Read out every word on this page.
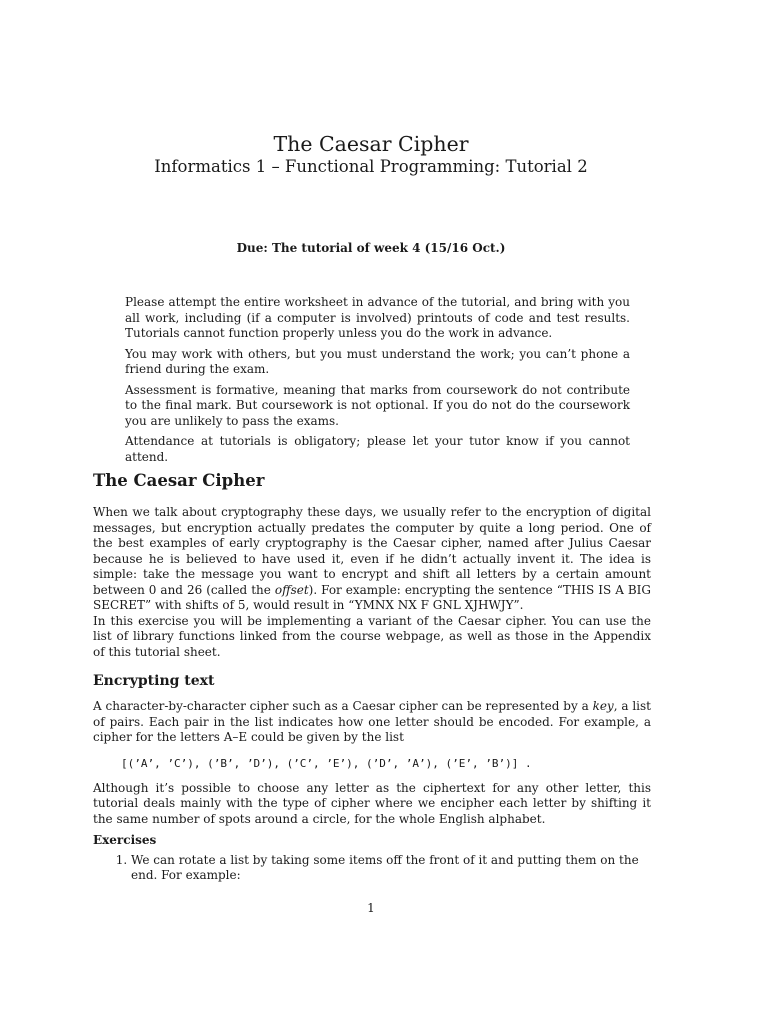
The Caesar Cipher
Informatics 1 – Functional Programming: Tutorial 2
Due: The tutorial of week 4 (15/16 Oct.)

Please attempt the entire worksheet in advance of the tutorial, and bring with you all work, including (if a computer is involved) printouts of code and test results. Tutorials cannot function properly unless you do the work in advance.

You may work with others, but you must understand the work; you can’t phone a friend during the exam.

Assessment is formative, meaning that marks from coursework do not contribute to the final mark. But coursework is not optional. If you do not do the coursework you are unlikely to pass the exams.

Attendance at tutorials is obligatory; please let your tutor know if you cannot attend.

The Caesar Cipher

When we talk about cryptography these days, we usually refer to the encryption of digital messages, but encryption actually predates the computer by quite a long period. One of the best examples of early cryptography is the Caesar cipher, named after Julius Caesar because he is believed to have used it, even if he didn’t actually invent it. The idea is simple: take the message you want to encrypt and shift all letters by a certain amount between 0 and 26 (called the offset). For example: encrypting the sentence “THIS IS A BIG SECRET” with shifts of 5, would result in “YMNX NX F GNL XJHWJY”.

In this exercise you will be implementing a variant of the Caesar cipher. You can use the list of library functions linked from the course webpage, as well as those in the Appendix of this tutorial sheet.

Encrypting text

A character-by-character cipher such as a Caesar cipher can be represented by a key, a list of pairs. Each pair in the list indicates how one letter should be encoded. For example, a cipher for the letters A–E could be given by the list

[(’A’, ’C’), (’B’, ’D’), (’C’, ’E’), (’D’, ’A’), (’E’, ’B’)] .

Although it’s possible to choose any letter as the ciphertext for any other letter, this tutorial deals mainly with the type of cipher where we encipher each letter by shifting it the same number of spots around a circle, for the whole English alphabet.

Exercises
1. We can rotate a list by taking some items off the front of it and putting them on the end. For example:
1
